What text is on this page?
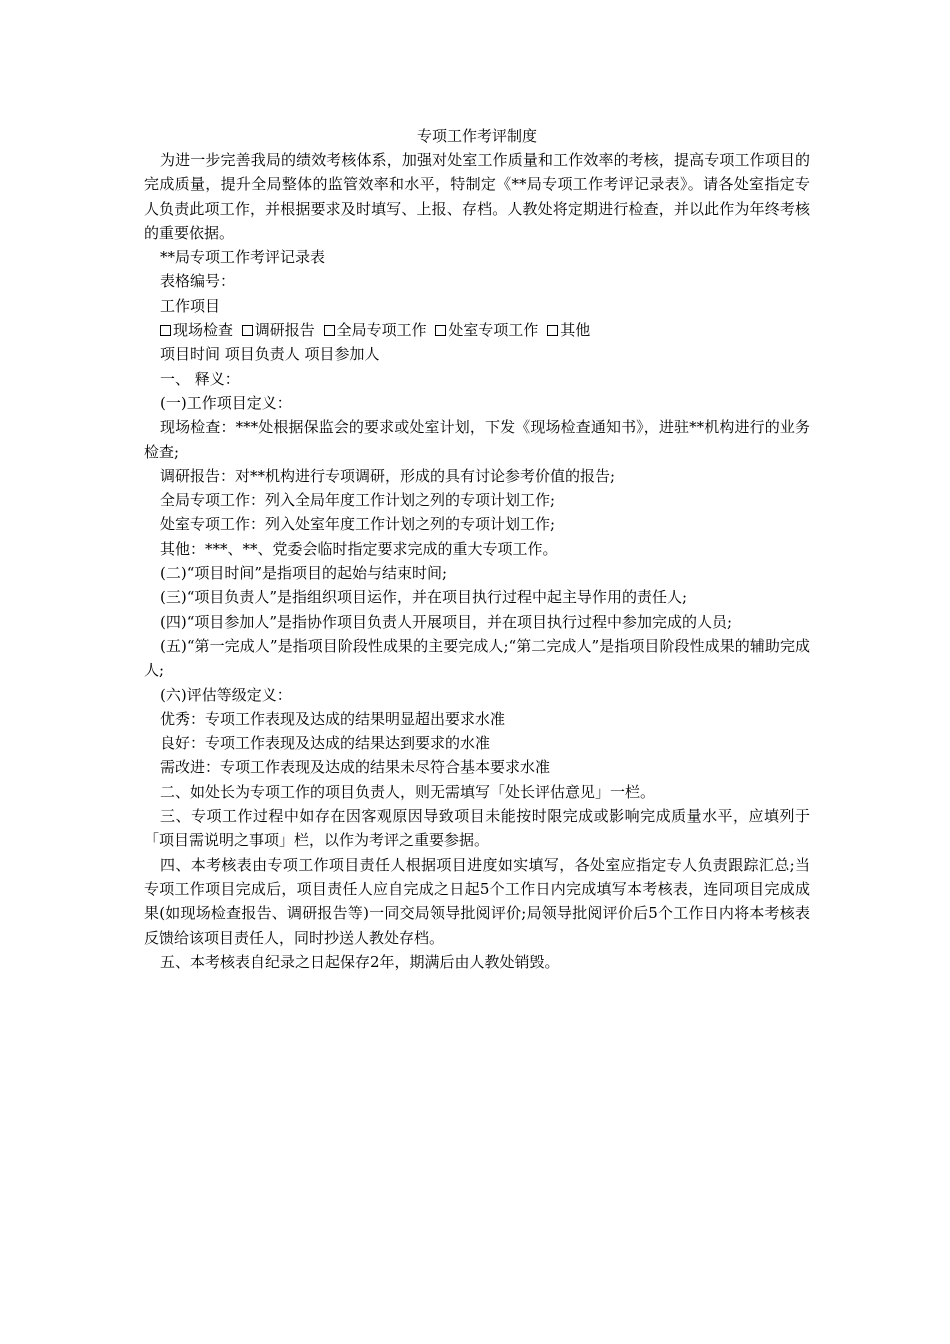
专项工作考评制度

为进一步完善我局的绩效考核体系，加强对处室工作质量和工作效率的考核，提高专项工作项目的完成质量，提升全局整体的监管效率和水平，特制定《**局专项工作考评记录表》。请各处室指定专人负责此项工作，并根据要求及时填写、上报、存档。人教处将定期进行检查，并以此作为年终考核的重要依据。

**局专项工作考评记录表

表格编号：

工作项目

现场检查 调研报告 全局专项工作 处室专项工作 其他

项目时间 项目负责人 项目参加人

一、 释义：

(一)工作项目定义：

现场检查：***处根据保监会的要求或处室计划，下发《现场检查通知书》，进驻**机构进行的业务检查;

调研报告：对**机构进行专项调研，形成的具有讨论参考价值的报告;

全局专项工作：列入全局年度工作计划之列的专项计划工作;

处室专项工作：列入处室年度工作计划之列的专项计划工作;

其他：***、**、党委会临时指定要求完成的重大专项工作。

(二)“项目时间”是指项目的起始与结束时间;

(三)“项目负责人”是指组织项目运作，并在项目执行过程中起主导作用的责任人;

(四)“项目参加人”是指协作项目负责人开展项目，并在项目执行过程中参加完成的人员;

(五)“第一完成人”是指项目阶段性成果的主要完成人;“第二完成人”是指项目阶段性成果的辅助完成人;

(六)评估等级定义：

优秀：专项工作表现及达成的结果明显超出要求水准

良好：专项工作表现及达成的结果达到要求的水准

需改进：专项工作表现及达成的结果未尽符合基本要求水准

二、如处长为专项工作的项目负责人，则无需填写「处长评估意见」一栏。

三、专项工作过程中如存在因客观原因导致项目未能按时限完成或影响完成质量水平，应填列于「项目需说明之事项」栏，以作为考评之重要参据。

四、本考核表由专项工作项目责任人根据项目进度如实填写，各处室应指定专人负责跟踪汇总;当专项工作项目完成后，项目责任人应自完成之日起5个工作日内完成填写本考核表，连同项目完成成果(如现场检查报告、调研报告等)一同交局领导批阅评价;局领导批阅评价后5个工作日内将本考核表反馈给该项目责任人，同时抄送人教处存档。

五、本考核表自纪录之日起保存2年，期满后由人教处销毁。
